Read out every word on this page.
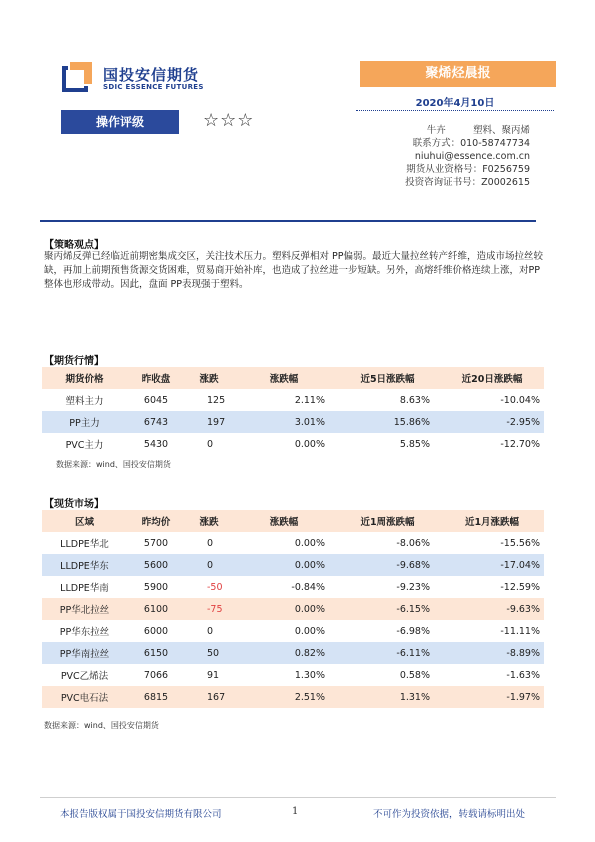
国投安信期货
SDIC ESSENCE FUTURES
聚烯烃晨报
2020年4月10日
操作评级	☆☆☆	牛卉	塑料、聚丙烯
联系方式：010-58747734
niuhui@essence.com.cn
期货从业资格号：F0256759
投资咨询证书号：Z0002615
【策略观点】
聚丙烯反弹已经临近前期密集成交区，关注技术压力。塑料反弹相对 PP偏弱。最近大量拉丝转产纤维，造成市场拉丝较缺，再加上前期预售货源交货困难，贸易商开始补库，也造成了拉丝进一步短缺。另外，高熔纤维价格连续上涨，对PP整体也形成带动。因此，盘面 PP表现强于塑料。
【期货行情】
期货价格	昨收盘	涨跌	涨跌幅	近5日涨跌幅	近20日涨跌幅
塑料主力	6045	125	2.11%	8.63%	-10.04%
PP主力	6743	197	3.01%	15.86%	-2.95%
PVC主力	5430	0	0.00%	5.85%	-12.70%
数据来源：wind、国投安信期货
【现货市场】
区域	昨均价	涨跌	涨跌幅	近1周涨跌幅	近1月涨跌幅
LLDPE华北	5700	0	0.00%	-8.06%	-15.56%
LLDPE华东	5600	0	0.00%	-9.68%	-17.04%
LLDPE华南	5900	-50	-0.84%	-9.23%	-12.59%
PP华北拉丝	6100	-75	0.00%	-6.15%	-9.63%
PP华东拉丝	6000	0	0.00%	-6.98%	-11.11%
PP华南拉丝	6150	50	0.82%	-6.11%	-8.89%
PVC乙烯法	7066	91	1.30%	0.58%	-1.63%
PVC电石法	6815	167	2.51%	1.31%	-1.97%
数据来源：wind、国投安信期货
本报告版权属于国投安信期货有限公司	1	不可作为投资依据，转载请标明出处
